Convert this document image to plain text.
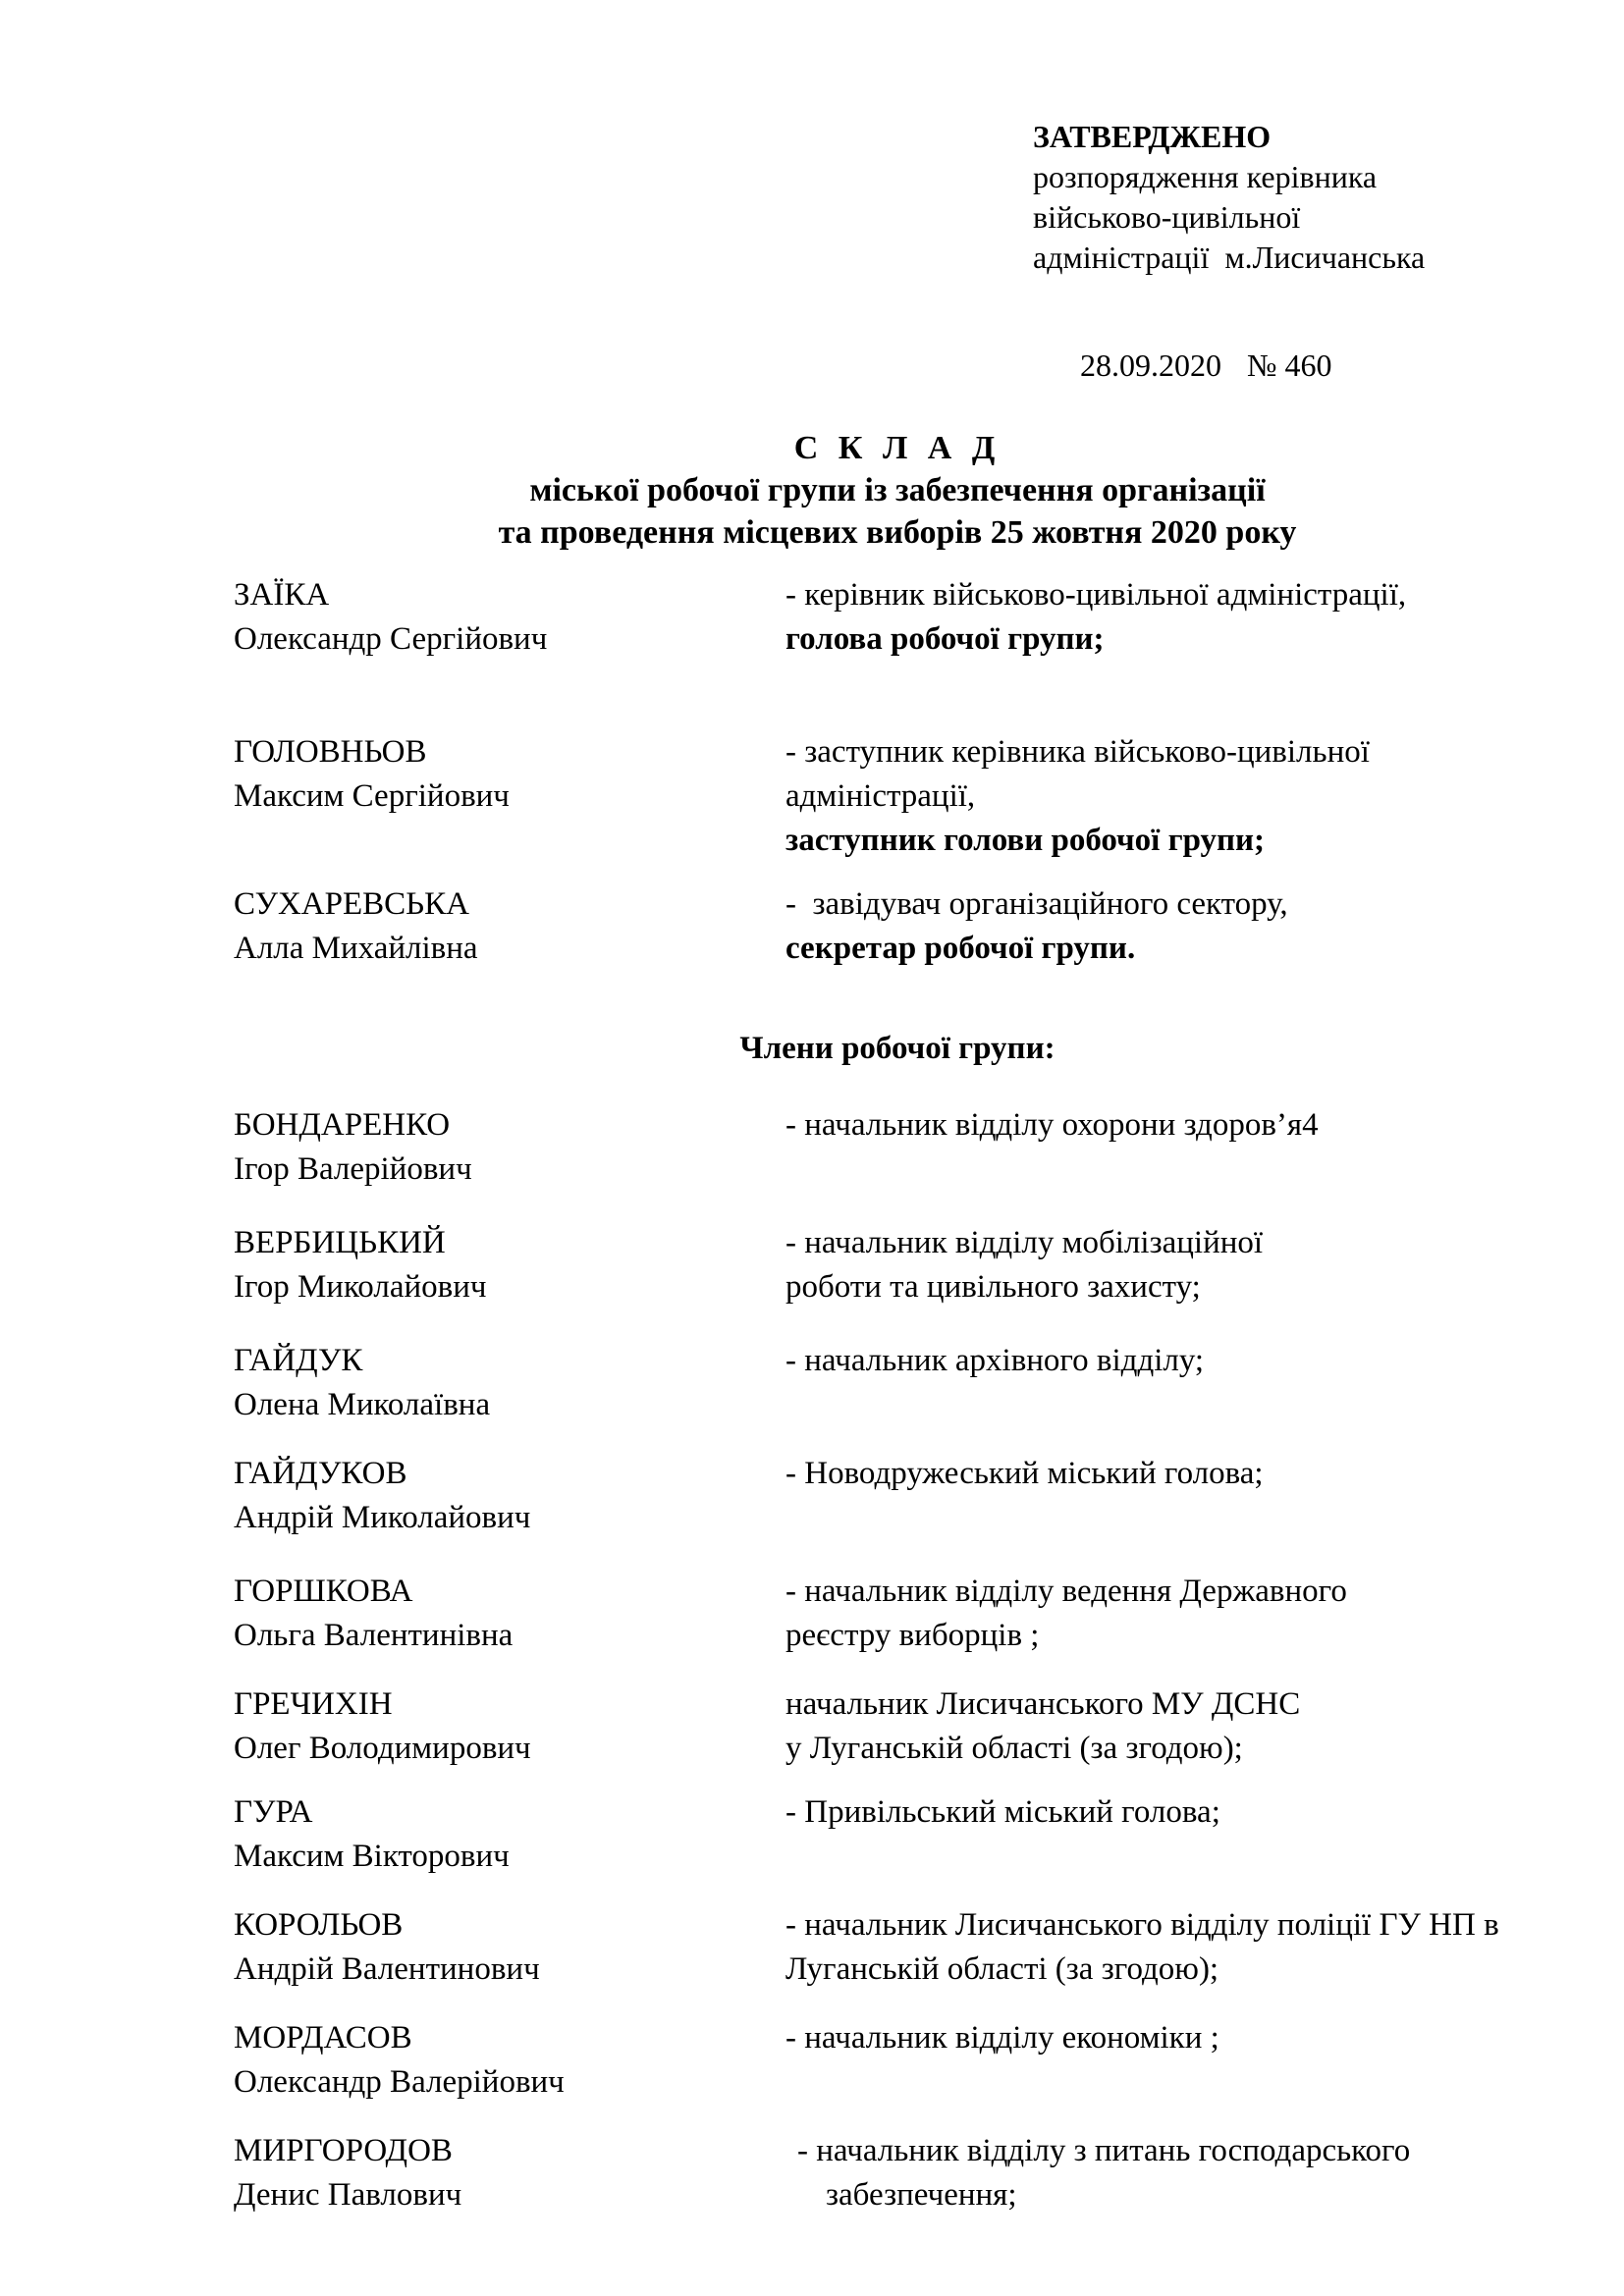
ЗАТВЕРДЖЕНО
розпорядження керівника
військово-цивільної
адміністрації  м.Лисичанська

28.09.2020 № 460

С К Л А Д
міської робочої групи із забезпечення організації
та проведення місцевих виборів 25 жовтня 2020 року
ЗАЇКА
Олександр Сергійович
- керівник військово-цивільної адміністрації,
голова робочої групи;
ГОЛОВНЬОВ
Максим Сергійович
- заступник керівника військово-цивільної
адміністрації,
заступник голови робочої групи;
СУХАРЕВСЬКА
Алла Михайлівна
-  завідувач організаційного сектору,
секретар робочої групи.
Члени робочої групи:
БОНДАРЕНКО
Ігор Валерійович
- начальник відділу охорони здоров’я4
ВЕРБИЦЬКИЙ
Ігор Миколайович
- начальник відділу мобілізаційної
роботи та цивільного захисту;
ГАЙДУК
Олена Миколаївна
- начальник архівного відділу;
ГАЙДУКОВ
Андрій Миколайович
- Новодружеський міський голова;
ГОРШКОВА
Ольга Валентинівна
- начальник відділу ведення Державного
реєстру виборців ;
ГРЕЧИХІН
Олег Володимирович
начальник Лисичанського МУ ДСНС
у Луганській області (за згодою);
ГУРА
Максим Вікторович
- Привільський міський голова;
КОРОЛЬОВ
Андрій Валентинович
- начальник Лисичанського відділу поліції ГУ НП в
Луганській області (за згодою);
МОРДАСОВ
Олександр Валерійович
- начальник відділу економіки ;
МИРГОРОДОВ
Денис Павлович
- начальник відділу з питань господарського
забезпечення;
